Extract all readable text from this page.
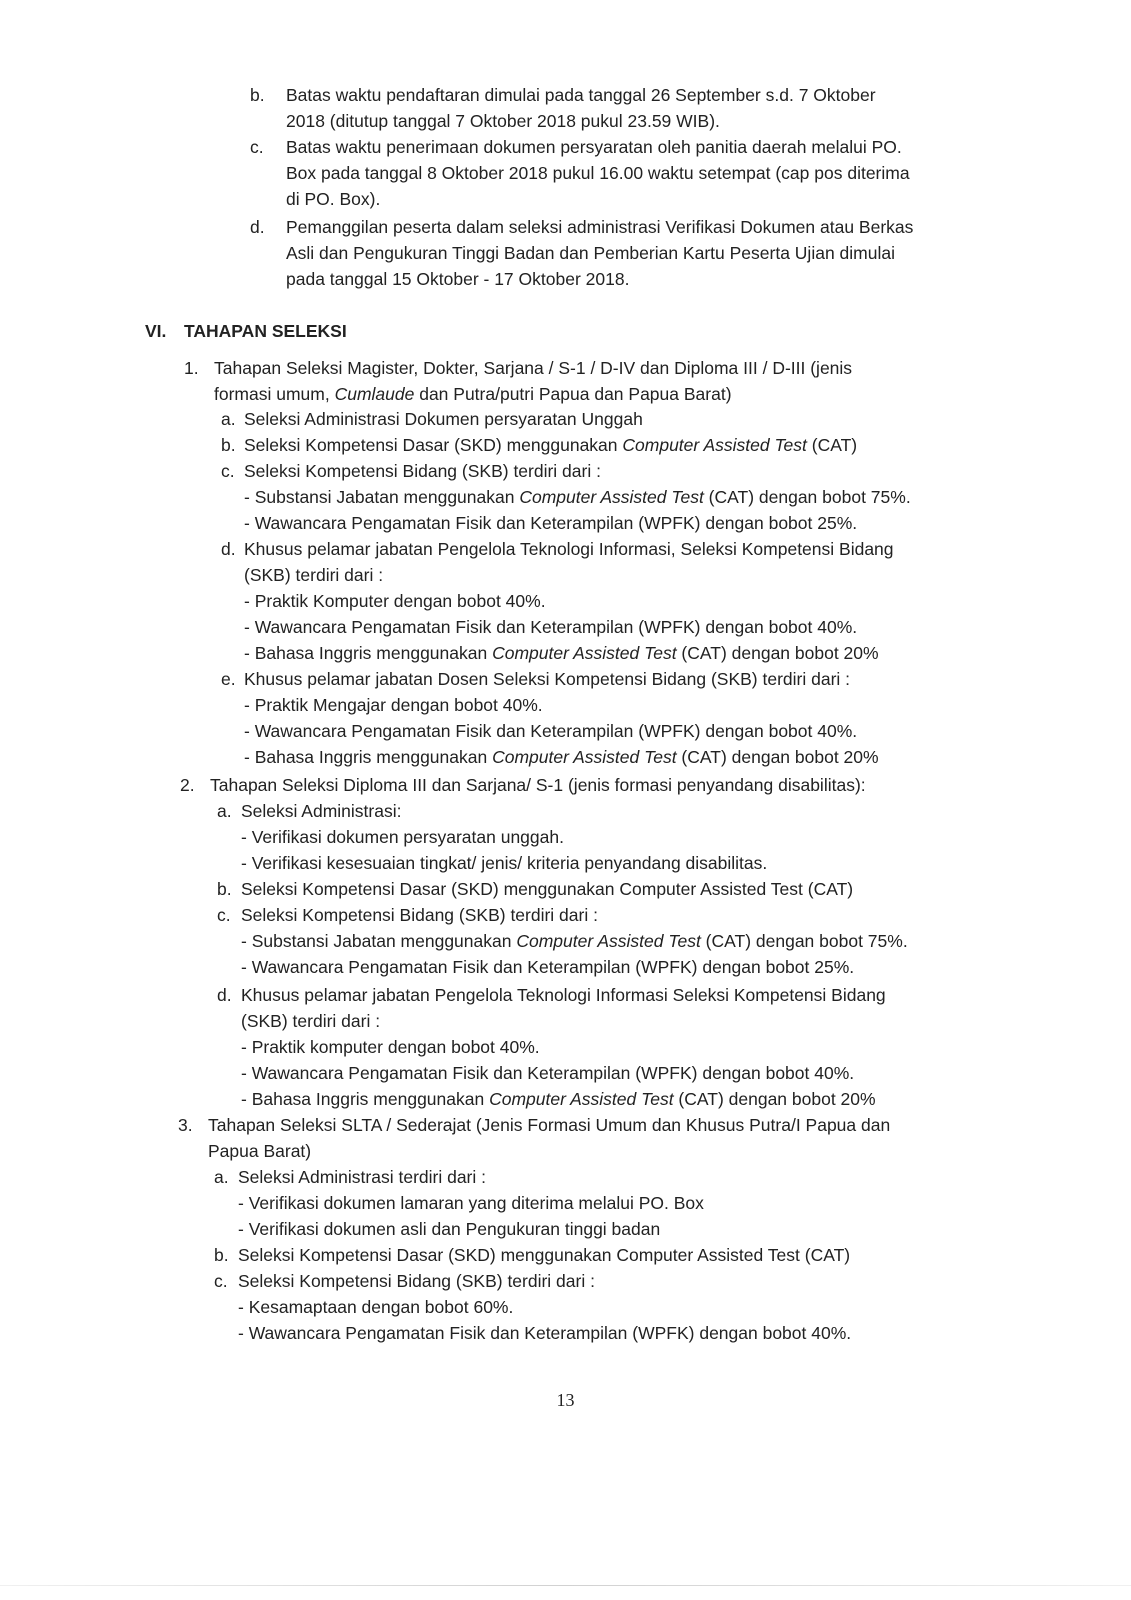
b. Batas waktu pendaftaran dimulai pada tanggal 26 September s.d. 7 Oktober
2018 (ditutup tanggal 7 Oktober 2018 pukul 23.59 WIB).
c. Batas waktu penerimaan dokumen persyaratan oleh panitia daerah melalui PO.
Box pada tanggal 8 Oktober 2018 pukul 16.00 waktu setempat (cap pos diterima
di PO. Box).
d. Pemanggilan peserta dalam seleksi administrasi Verifikasi Dokumen atau Berkas
Asli dan Pengukuran Tinggi Badan dan Pemberian Kartu Peserta Ujian dimulai
pada tanggal 15 Oktober - 17 Oktober 2018.
VI. TAHAPAN SELEKSI
1. Tahapan Seleksi Magister, Dokter, Sarjana / S-1 / D-IV dan Diploma III / D-III (jenis
formasi umum, Cumlaude dan Putra/putri Papua dan Papua Barat)
a. Seleksi Administrasi Dokumen persyaratan Unggah
b. Seleksi Kompetensi Dasar (SKD) menggunakan Computer Assisted Test (CAT)
c. Seleksi Kompetensi Bidang (SKB) terdiri dari :
- Substansi Jabatan menggunakan Computer Assisted Test (CAT) dengan bobot 75%.
- Wawancara Pengamatan Fisik dan Keterampilan (WPFK) dengan bobot 25%.
d. Khusus pelamar jabatan Pengelola Teknologi Informasi, Seleksi Kompetensi Bidang
(SKB) terdiri dari :
- Praktik Komputer dengan bobot 40%.
- Wawancara Pengamatan Fisik dan Keterampilan (WPFK) dengan bobot 40%.
- Bahasa Inggris menggunakan Computer Assisted Test (CAT) dengan bobot 20%
e. Khusus pelamar jabatan Dosen Seleksi Kompetensi Bidang (SKB) terdiri dari :
- Praktik Mengajar dengan bobot 40%.
- Wawancara Pengamatan Fisik dan Keterampilan (WPFK) dengan bobot 40%.
- Bahasa Inggris menggunakan Computer Assisted Test (CAT) dengan bobot 20%
2. Tahapan Seleksi Diploma III dan Sarjana/ S-1 (jenis formasi penyandang disabilitas):
a. Seleksi Administrasi:
- Verifikasi dokumen persyaratan unggah.
- Verifikasi kesesuaian tingkat/ jenis/ kriteria penyandang disabilitas.
b. Seleksi Kompetensi Dasar (SKD) menggunakan Computer Assisted Test (CAT)
c. Seleksi Kompetensi Bidang (SKB) terdiri dari :
- Substansi Jabatan menggunakan Computer Assisted Test (CAT) dengan bobot 75%.
- Wawancara Pengamatan Fisik dan Keterampilan (WPFK) dengan bobot 25%.
d. Khusus pelamar jabatan Pengelola Teknologi Informasi Seleksi Kompetensi Bidang
(SKB) terdiri dari :
- Praktik komputer dengan bobot 40%.
- Wawancara Pengamatan Fisik dan Keterampilan (WPFK) dengan bobot 40%.
- Bahasa Inggris menggunakan Computer Assisted Test (CAT) dengan bobot 20%
3. Tahapan Seleksi SLTA / Sederajat (Jenis Formasi Umum dan Khusus Putra/I Papua dan
Papua Barat)
a. Seleksi Administrasi terdiri dari :
- Verifikasi dokumen lamaran yang diterima melalui PO. Box
- Verifikasi dokumen asli dan Pengukuran tinggi badan
b. Seleksi Kompetensi Dasar (SKD) menggunakan Computer Assisted Test (CAT)
c. Seleksi Kompetensi Bidang (SKB) terdiri dari :
- Kesamaptaan dengan bobot 60%.
- Wawancara Pengamatan Fisik dan Keterampilan (WPFK) dengan bobot 40%.
13
